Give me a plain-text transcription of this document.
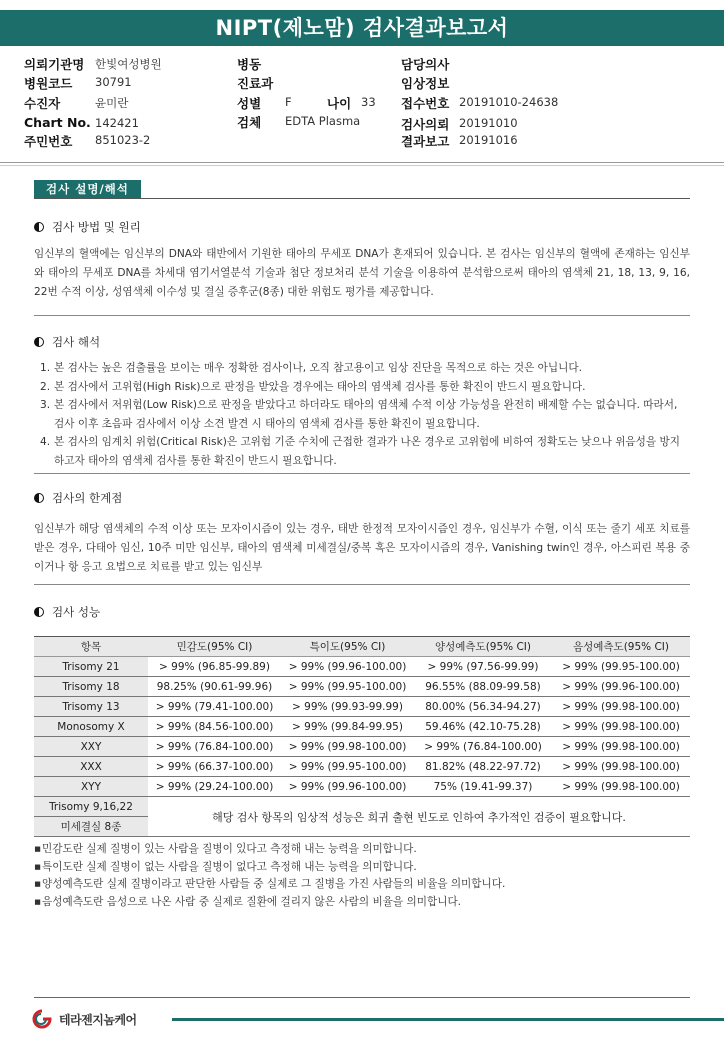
NIPT(제노맘) 검사결과보고서
의뢰기관명 한빛여성병원
병원코드 30791
수진자	윤미란
Chart No. 142421
주민번호 851023-2
병동
진료과
성별 F	나이 33
검체 EDTA Plasma
담당의사
임상정보
접수번호 20191010-24638
검사의뢰 20191010
결과보고 20191016
검사 설명/해석
검사 방법 및 원리
임신부의 혈액에는 임신부의 DNA와 태반에서 기원한 태아의 무세포 DNA가 혼재되어 있습니다. 본 검사는 임신부의 혈액에 존재하는 임신부와 태아의 무세포 DNA를 차세대 염기서열분석 기술과 첨단 정보처리 분석 기술을 이용하여 분석함으로써 태아의 염색체 21, 18, 13, 9, 16, 22번 수적 이상, 성염색체 이수성 및 결실 증후군(8종) 대한 위험도 평가를 제공합니다.
검사 해석
1. 본 검사는 높은 검출률을 보이는 매우 정확한 검사이나, 오직 참고용이고 임상 진단을 목적으로 하는 것은 아닙니다.
2. 본 검사에서 고위험(High Risk)으로 판정을 받았을 경우에는 태아의 염색체 검사를 통한 확진이 반드시 필요합니다.
3. 본 검사에서 저위험(Low Risk)으로 판정을 받았다고 하더라도 태아의 염색체 수적 이상 가능성을 완전히 배제할 수는 없습니다. 따라서, 검사 이후 초음파 검사에서 이상 소견 발견 시 태아의 염색체 검사를 통한 확진이 필요합니다.
4. 본 검사의 임계치 위험(Critical Risk)은 고위험 기준 수치에 근접한 결과가 나온 경우로 고위험에 비하여 정확도는 낮으나 위음성을 방지하고자 태아의 염색체 검사를 통한 확진이 반드시 필요합니다.
검사의 한계점
임신부가 해당 염색체의 수적 이상 또는 모자이시즘이 있는 경우, 태반 한정적 모자이시즘인 경우, 임신부가 수혈, 이식 또는 줄기 세포 치료를 받은 경우, 다태아 임신, 10주 미만 임신부, 태아의 염색체 미세결실/중복 혹은 모자이시즘의 경우, Vanishing twin인 경우, 아스피린 복용 중이거나 항 응고 요법으로 치료를 받고 있는 임신부
검사 성능
항목	민감도(95% CI)	특이도(95% CI)	양성예측도(95% CI)	음성예측도(95% CI)
Trisomy 21	> 99% (96.85-99.89)	> 99% (99.96-100.00)	> 99% (97.56-99.99)	> 99% (99.95-100.00)
Trisomy 18	98.25% (90.61-99.96)	> 99% (99.95-100.00)	96.55% (88.09-99.58)	> 99% (99.96-100.00)
Trisomy 13	> 99% (79.41-100.00)	> 99% (99.93-99.99)	80.00% (56.34-94.27)	> 99% (99.98-100.00)
Monosomy X	> 99% (84.56-100.00)	> 99% (99.84-99.95)	59.46% (42.10-75.28)	> 99% (99.98-100.00)
XXY	> 99% (76.84-100.00)	> 99% (99.98-100.00)	> 99% (76.84-100.00)	> 99% (99.98-100.00)
XXX	> 99% (66.37-100.00)	> 99% (99.95-100.00)	81.82% (48.22-97.72)	> 99% (99.98-100.00)
XYY	> 99% (29.24-100.00)	> 99% (99.96-100.00)	75% (19.41-99.37)	> 99% (99.98-100.00)
Trisomy 9,16,22	해당 검사 항목의 임상적 성능은 희귀 출현 빈도로 인하여 추가적인 검증이 필요합니다.			
미세결실 8종				
▪ 민감도란 실제 질병이 있는 사람을 질병이 있다고 측정해 내는 능력을 의미합니다.
▪ 특이도란 실제 질병이 없는 사람을 질병이 없다고 측정해 내는 능력을 의미합니다.
▪ 양성예측도란 실제 질병이라고 판단한 사람들 중 실제로 그 질병을 가진 사람들의 비율을 의미합니다.
▪ 음성예측도란 음성으로 나온 사람 중 실제로 질환에 걸리지 않은 사람의 비율을 의미합니다.
테라젠지놈케어
